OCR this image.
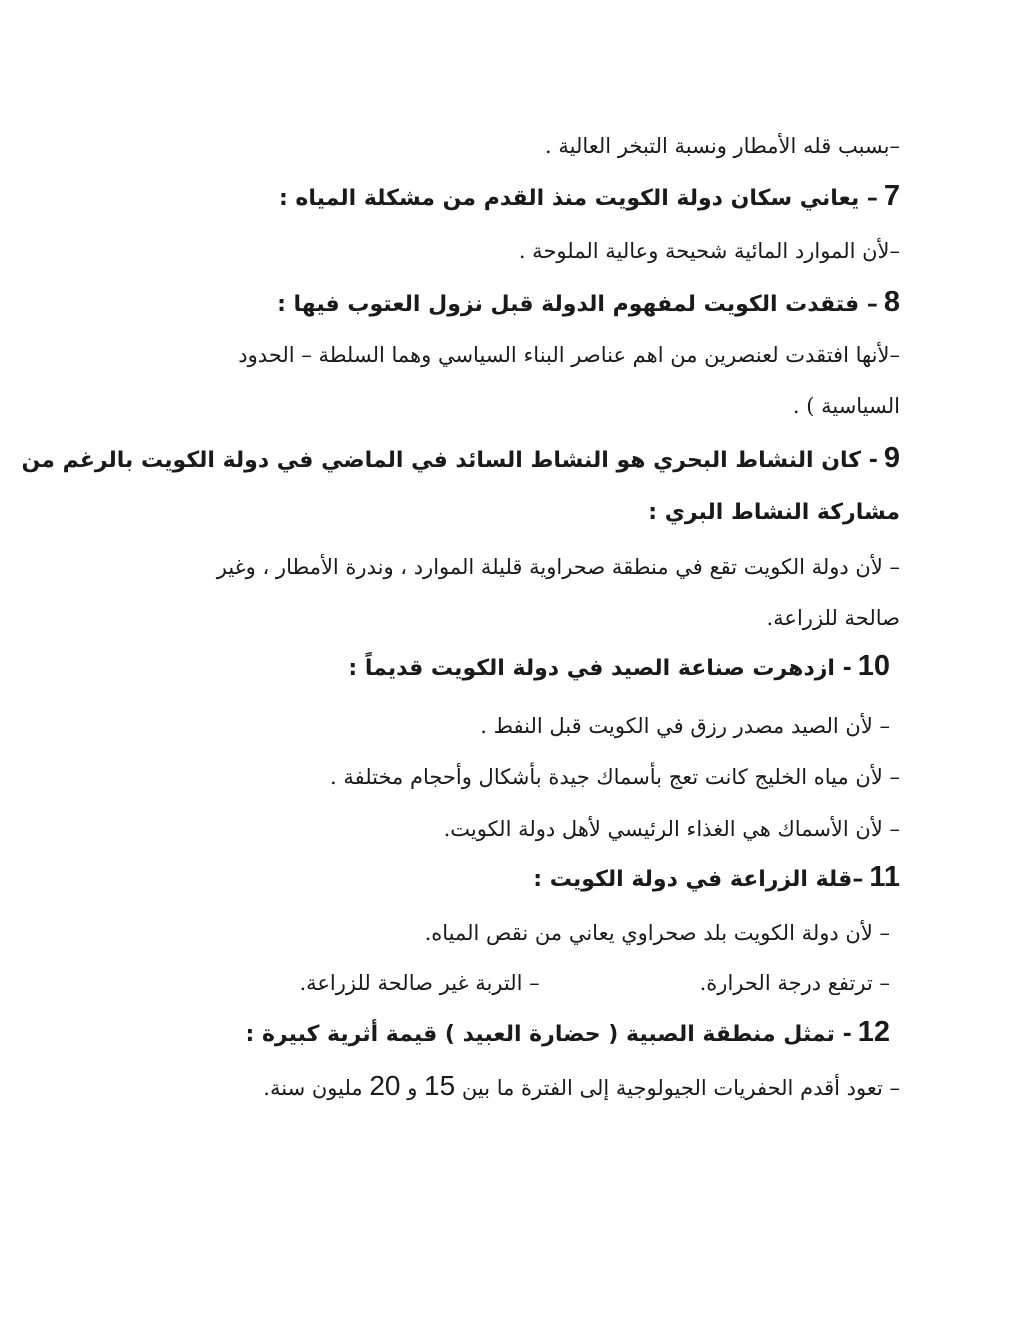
–بسبب قله الأمطار ونسبة التبخر العالية .
7– يعاني سكان دولة الكويت منذ القدم من مشكلة المياه :
–لأن الموارد المائية شحيحة وعالية الملوحة .
8– فتقدت الكويت لمفهوم الدولة قبل نزول العتوب فيها :
–لأنها افتقدت لعنصرين من اهم عناصر البناء السياسي وهما السلطة – الحدود
السياسية ) .
9- كان النشاط البحري هو النشاط السائد في الماضي في دولة الكويت بالرغم من
مشاركة النشاط البري :
– لأن دولة الكويت تقع في منطقة صحراوية قليلة الموارد ، وندرة الأمطار ، وغير
صالحة للزراعة.
10- ازدهرت صناعة الصيد في دولة الكويت قديماً :
– لأن الصيد مصدر رزق في الكويت قبل النفط .
– لأن مياه الخليج كانت تعج بأسماك جيدة بأشكال وأحجام مختلفة .
– لأن الأسماك هي الغذاء الرئيسي لأهل دولة الكويت.
11–قلة الزراعة في دولة الكويت :
– لأن دولة الكويت بلد صحراوي يعاني من نقص المياه.
– ترتفع درجة الحرارة.– التربة غير صالحة للزراعة.
12- تمثل منطقة الصبية ( حضارة العبيد ) قيمة أثرية كبيرة :
– تعود أقدم الحفريات الجيولوجية إلى الفترة ما بين 15 و 20 مليون سنة.
